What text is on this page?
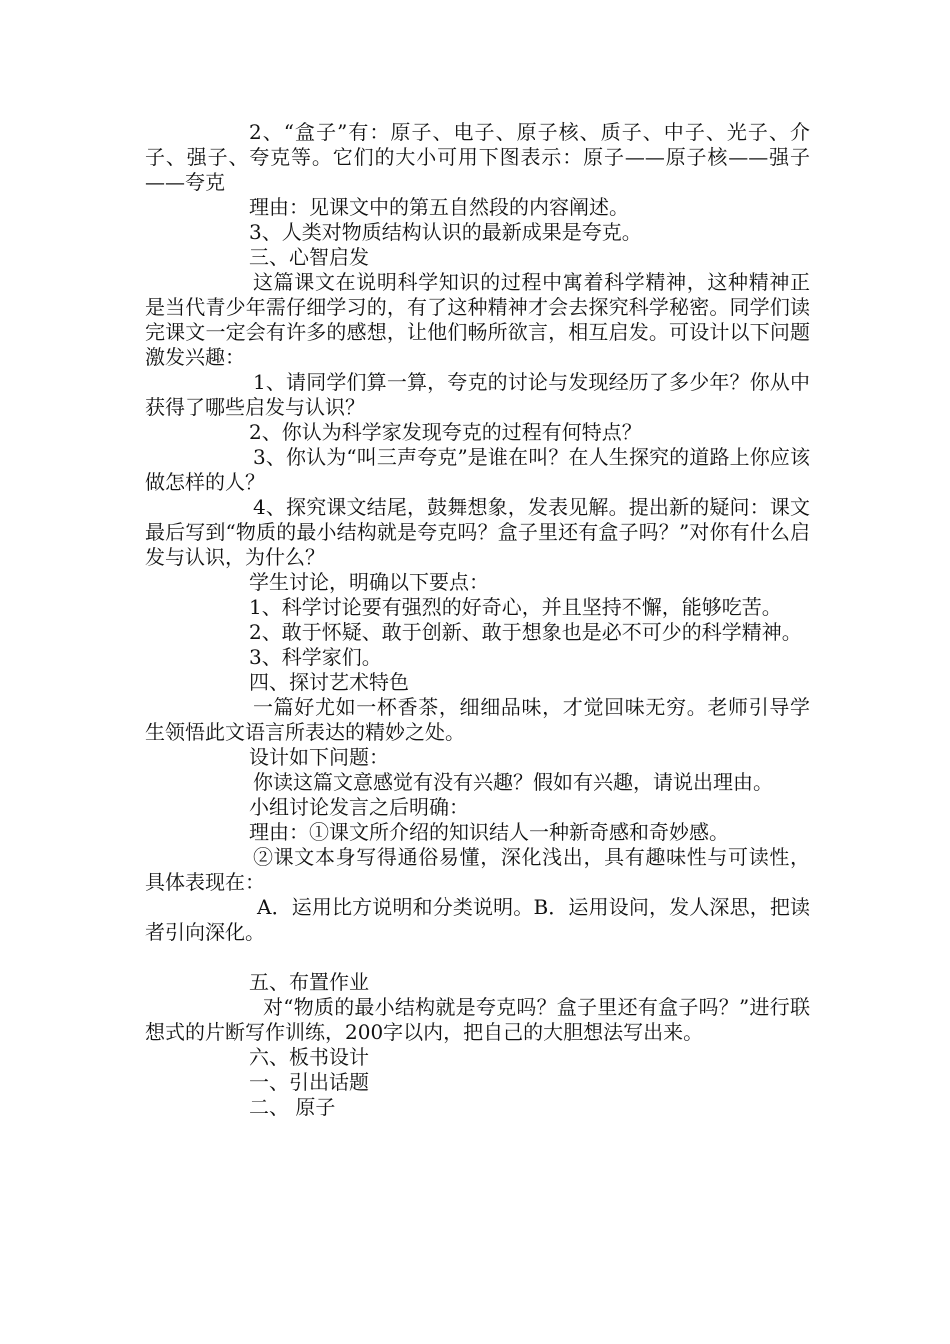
2、“盒子”有：原子、电子、原子核、质子、中子、光子、介子、强子、夸克等。它们的大小可用下图表示：原子——原子核——强子——夸克

理由：见课文中的第五自然段的内容阐述。

3、人类对物质结构认识的最新成果是夸克。

三、心智启发

这篇课文在说明科学知识的过程中寓着科学精神，这种精神正是当代青少年需仔细学习的，有了这种精神才会去探究科学秘密。同学们读完课文一定会有许多的感想，让他们畅所欲言，相互启发。可设计以下问题激发兴趣：

1、请同学们算一算，夸克的讨论与发现经历了多少年？你从中获得了哪些启发与认识？

2、你认为科学家发现夸克的过程有何特点？

3、你认为“叫三声夸克”是谁在叫？在人生探究的道路上你应该做怎样的人？

4、探究课文结尾，鼓舞想象，发表见解。提出新的疑问：课文最后写到“物质的最小结构就是夸克吗？盒子里还有盒子吗？”对你有什么启发与认识，为什么？

学生讨论，明确以下要点：

1、科学讨论要有强烈的好奇心，并且坚持不懈，能够吃苦。

2、敢于怀疑、敢于创新、敢于想象也是必不可少的科学精神。

3、科学家们。

四、探讨艺术特色

一篇好尤如一杯香茶，细细品味，才觉回味无穷。老师引导学生领悟此文语言所表达的精妙之处。

设计如下问题：

你读这篇文意感觉有没有兴趣？假如有兴趣，请说出理由。

小组讨论发言之后明确：

理由：①课文所介绍的知识结人一种新奇感和奇妙感。

②课文本身写得通俗易懂，深化浅出，具有趣味性与可读性，具体表现在：

A．运用比方说明和分类说明。B．运用设问，发人深思，把读者引向深化。

五、布置作业

对“物质的最小结构就是夸克吗？盒子里还有盒子吗？”进行联想式的片断写作训练，200字以内，把自己的大胆想法写出来。

六、板书设计

一、引出话题

二、 原子
